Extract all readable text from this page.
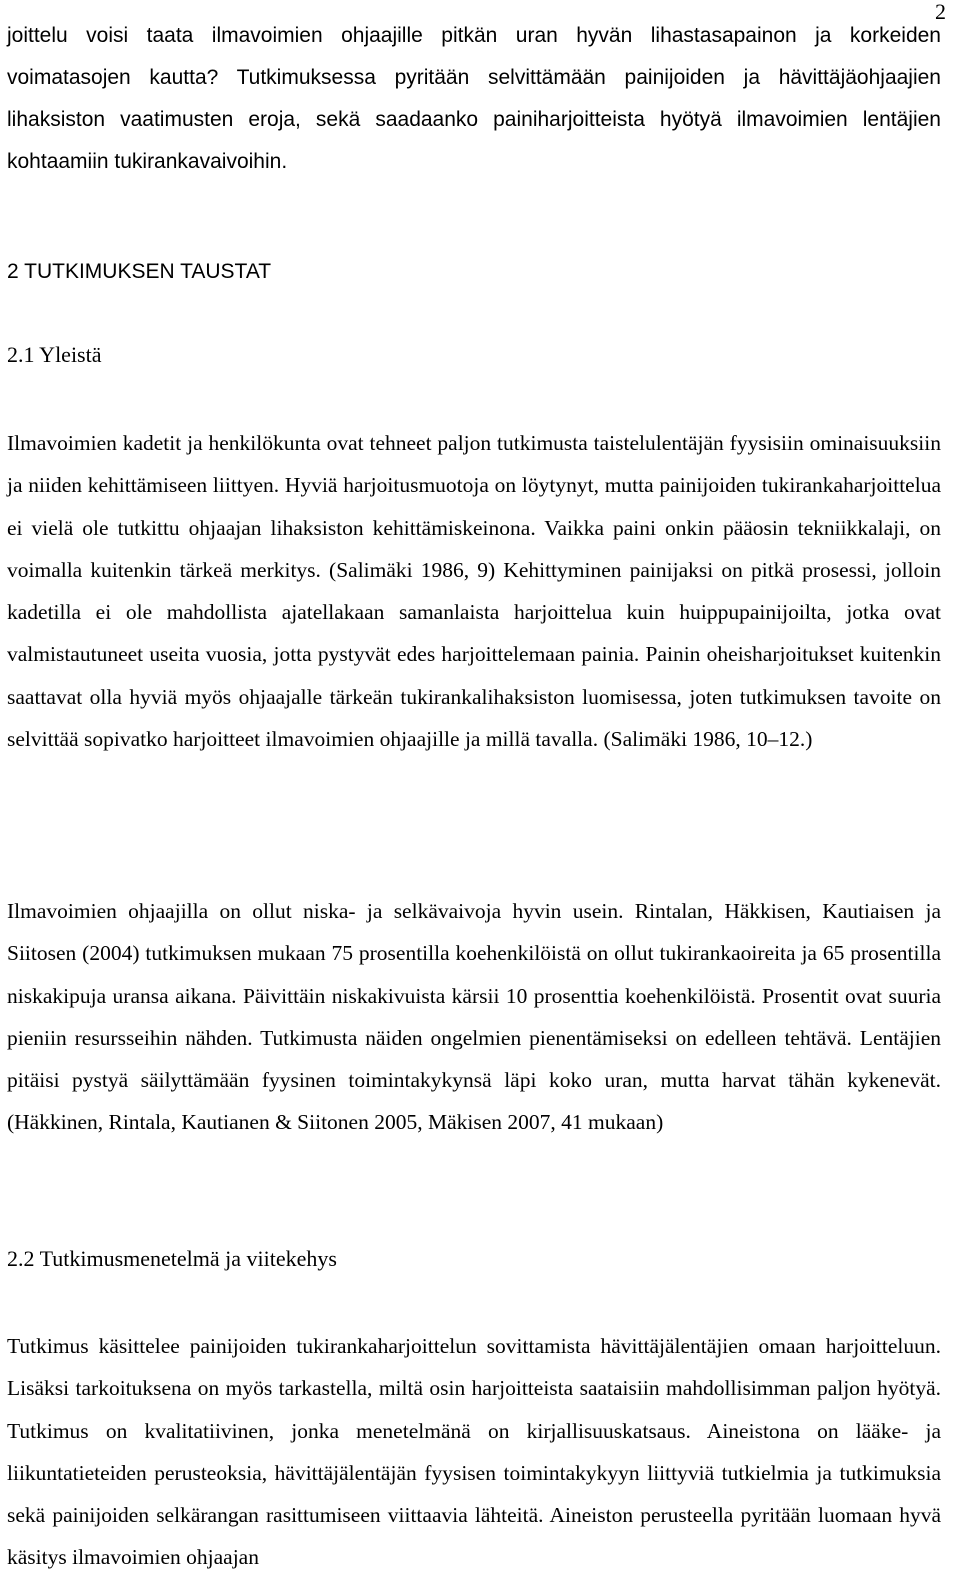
2

joittelu voisi taata ilmavoimien ohjaajille pitkän uran hyvän lihastasapainon ja korkeiden voimatasojen kautta? Tutkimuksessa pyritään selvittämään painijoiden ja hävittäjäohjaajien lihaksiston vaatimusten eroja, sekä saadaanko painiharjoitteista hyötyä ilmavoimien lentäjien kohtaamiin tukirankavaivoihin.

2 TUTKIMUKSEN TAUSTAT
2.1 Yleistä

Ilmavoimien kadetit ja henkilökunta ovat tehneet paljon tutkimusta taistelulentäjän fyysisiin ominaisuuksiin ja niiden kehittämiseen liittyen. Hyviä harjoitusmuotoja on löytynyt, mutta painijoiden tukirankaharjoittelua ei vielä ole tutkittu ohjaajan lihaksiston kehittämiskeinona. Vaikka paini onkin pääosin tekniikkalaji, on voimalla kuitenkin tärkeä merkitys. (Salimäki 1986, 9) Kehittyminen painijaksi on pitkä prosessi, jolloin kadetilla ei ole mahdollista ajatellakaan samanlaista harjoittelua kuin huippupainijoilta, jotka ovat valmistautuneet useita vuosia, jotta pystyvät edes harjoittelemaan painia. Painin oheisharjoitukset kuitenkin saattavat olla hyviä myös ohjaajalle tärkeän tukirankalihaksiston luomisessa, joten tutkimuksen tavoite on selvittää sopivatko harjoitteet ilmavoimien ohjaajille ja millä tavalla. (Salimäki 1986, 10–12.)

Ilmavoimien ohjaajilla on ollut niska- ja selkävaivoja hyvin usein. Rintalan, Häkkisen, Kautiaisen ja Siitosen (2004) tutkimuksen mukaan 75 prosentilla koehenkilöistä on ollut tukirankaoireita ja 65 prosentilla niskakipuja uransa aikana. Päivittäin niskakivuista kärsii 10 prosenttia koehenkilöistä. Prosentit ovat suuria pieniin resursseihin nähden. Tutkimusta näiden ongelmien pienentämiseksi on edelleen tehtävä. Lentäjien pitäisi pystyä säilyttämään fyysinen toimintakykynsä läpi koko uran, mutta harvat tähän kykenevät. (Häkkinen, Rintala, Kautianen & Siitonen 2005, Mäkisen 2007, 41 mukaan)

2.2 Tutkimusmenetelmä ja viitekehys

Tutkimus käsittelee painijoiden tukirankaharjoittelun sovittamista hävittäjälentäjien omaan harjoitteluun. Lisäksi tarkoituksena on myös tarkastella, miltä osin harjoitteista saataisiin mahdollisimman paljon hyötyä. Tutkimus on kvalitatiivinen, jonka menetelmänä on kirjallisuuskatsaus. Aineistona on lääke- ja liikuntatieteiden perusteoksia, hävittäjälentäjän fyysisen toimintakykyyn liittyviä tutkielmia ja tutkimuksia sekä painijoiden selkärangan rasittumiseen viittaavia lähteitä. Aineiston perusteella pyritään luomaan hyvä käsitys ilmavoimien ohjaajan
